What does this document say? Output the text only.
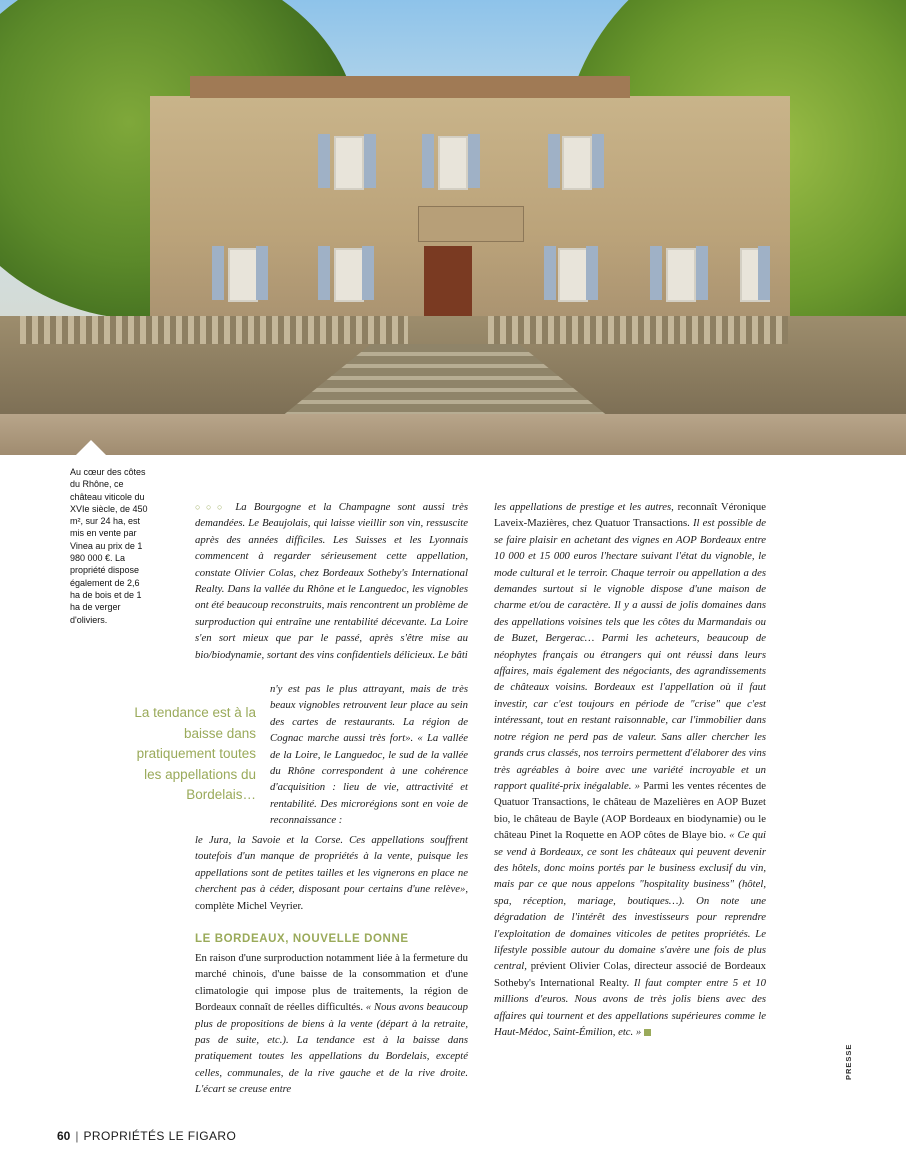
Au cœur des côtes du Rhône, ce château viticole du XVIe siècle, de 450 m², sur 24 ha, est mis en vente par Vinea au prix de 1 980 000 €. La propriété dispose également de 2,6 ha de bois et de 1 ha de verger d'oliviers.
La tendance est à la baisse dans pratiquement toutes les appellations du Bordelais…

○○○ La Bourgogne et la Champagne sont aussi très demandées. Le Beaujolais, qui laisse vieillir son vin, ressuscite après des années difficiles. Les Suisses et les Lyonnais commencent à regarder sérieusement cette appellation, constate Olivier Colas, chez Bordeaux Sotheby's International Realty. Dans la vallée du Rhône et le Languedoc, les vignobles ont été beaucoup reconstruits, mais rencontrent un problème de surproduction qui entraîne une rentabilité décevante. La Loire s'en sort mieux que par le passé, après s'être mise au bio/biodynamie, sortant des vins confidentiels délicieux. Le bâti

n'y est pas le plus attrayant, mais de très beaux vignobles retrouvent leur place au sein des cartes de restaurants. La région de Cognac marche aussi très fort». « La vallée de la Loire, le Languedoc, le sud de la vallée du Rhône correspondent à une cohérence d'acquisition : lieu de vie, attractivité et rentabilité. Des microrégions sont en voie de reconnaissance :

le Jura, la Savoie et la Corse. Ces appellations souffrent toutefois d'un manque de propriétés à la vente, puisque les appellations sont de petites tailles et les vignerons en place ne cherchent pas à céder, disposant pour certains d'une relève», complète Michel Veyrier.

LE BORDEAUX, NOUVELLE DONNE

En raison d'une surproduction notamment liée à la fermeture du marché chinois, d'une baisse de la consommation et d'une climatologie qui impose plus de traitements, la région de Bordeaux connaît de réelles difficultés. « Nous avons beaucoup plus de propositions de biens à la vente (départ à la retraite, pas de suite, etc.). La tendance est à la baisse dans pratiquement toutes les appellations du Bordelais, excepté celles, communales, de la rive gauche et de la rive droite. L'écart se creuse entre

les appellations de prestige et les autres, reconnaît Véronique Laveix-Mazières, chez Quatuor Transactions. Il est possible de se faire plaisir en achetant des vignes en AOP Bordeaux entre 10 000 et 15 000 euros l'hectare suivant l'état du vignoble, le mode cultural et le terroir. Chaque terroir ou appellation a des demandes surtout si le vignoble dispose d'une maison de charme et/ou de caractère. Il y a aussi de jolis domaines dans des appellations voisines tels que les côtes du Marmandais ou de Buzet, Bergerac… Parmi les acheteurs, beaucoup de néophytes français ou étrangers qui ont réussi dans leurs affaires, mais également des négociants, des agrandissements de châteaux voisins. Bordeaux est l'appellation où il faut investir, car c'est toujours en période de "crise" que c'est intéressant, tout en restant raisonnable, car l'immobilier dans notre région ne perd pas de valeur. Sans aller chercher les grands crus classés, nos terroirs permettent d'élaborer des vins très agréables à boire avec une variété incroyable et un rapport qualité-prix inégalable. » Parmi les ventes récentes de Quatuor Transactions, le château de Mazelières en AOP Buzet bio, le château de Bayle (AOP Bordeaux en biodynamie) ou le château Pinet la Roquette en AOP côtes de Blaye bio. « Ce qui se vend à Bordeaux, ce sont les châteaux qui peuvent devenir des hôtels, donc moins portés par le business exclusif du vin, mais par ce que nous appelons "hospitality business" (hôtel, spa, réception, mariage, boutiques…). On note une dégradation de l'intérêt des investisseurs pour reprendre l'exploitation de domaines viticoles de petites propriétés. Le lifestyle possible autour du domaine s'avère une fois de plus central, prévient Olivier Colas, directeur associé de Bordeaux Sotheby's International Realty. Il faut compter entre 5 et 10 millions d'euros. Nous avons de très jolis biens avec des affaires qui tournent et des appellations supérieures comme le Haut-Médoc, Saint-Émilion, etc. »

PRESSE
60 | PROPRIÉTÉS LE FIGARO
